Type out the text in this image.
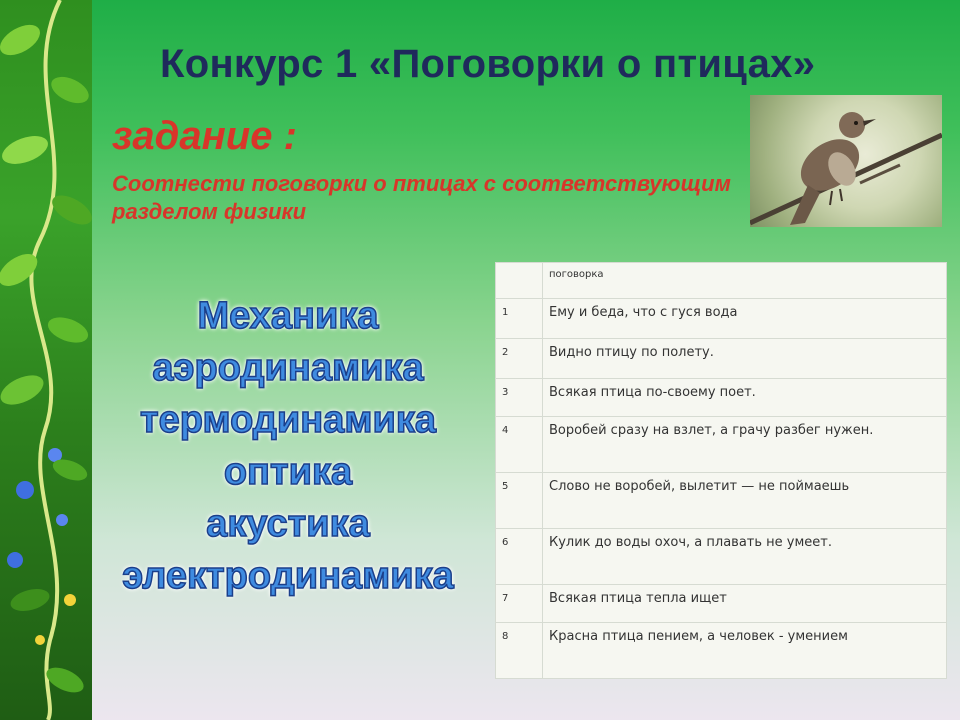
Конкурс 1 «Поговорки о птицах»
задание :
Соотнести поговорки о птицах с соответствующим разделом физики
Механика
аэродинамика
термодинамика
оптика
акустика
электродинамика
	поговорка
1	Ему и беда, что с гуся вода
2	Видно птицу по полету.
3	Всякая птица по-своему поет.
4	Воробей сразу на взлет, а грачу разбег нужен.
5	Слово не воробей, вылетит — не поймаешь
6	Кулик до воды охоч, а плавать не умеет.
7	Всякая птица тепла ищет
8	Красна птица пением, а человек - умением
